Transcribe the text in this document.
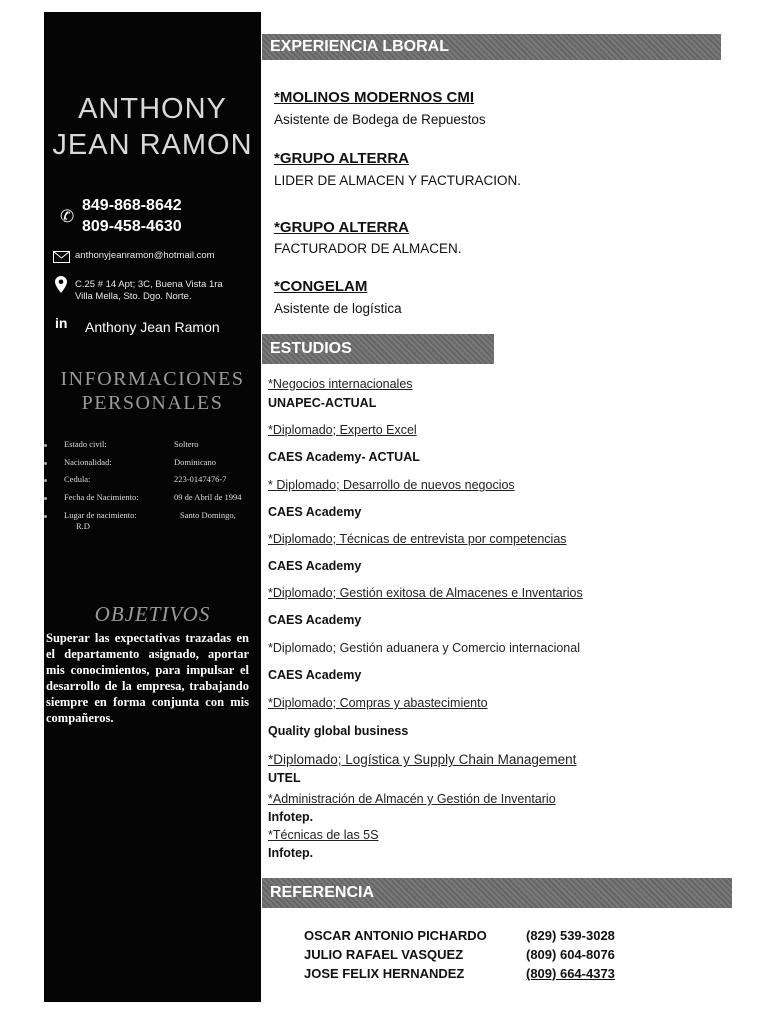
ANTHONY
JEAN RAMON
✆
849-868-8642
809-458-4630
anthonyjeanramon@hotmail.com
C.25 # 14 Apt; 3C, Buena Vista 1ra
Villa Mella, Sto. Dgo. Norte.
in Anthony Jean Ramon
INFORMACIONES
PERSONALES
Estado civil:	Soltero
Nacionalidad:	Dominicano
Cedula:	223-0147476-7
Fecha de Nacimiento:	09 de Abril de 1994
Lugar de nacimiento:	Santo Domingo,
R.D
OBJETIVOS
Superar las expectativas trazadas en el departamento asignado, aportar mis conocimientos, para impulsar el desarrollo de la empresa, trabajando siempre en forma conjunta con mis compañeros.
EXPERIENCIA LBORAL
*MOLINOS MODERNOS CMI
Asistente de Bodega de Repuestos
*GRUPO ALTERRA
LIDER DE ALMACEN Y FACTURACION.
*GRUPO ALTERRA
FACTURADOR DE ALMACEN.
*CONGELAM
Asistente de logística
ESTUDIOS
*Negocios internacionales
UNAPEC-ACTUAL
*Diplomado; Experto Excel
CAES Academy- ACTUAL
* Diplomado; Desarrollo de nuevos negocios
CAES Academy
*Diplomado; Técnicas de entrevista por competencias
CAES Academy
*Diplomado; Gestión exitosa de Almacenes e Inventarios
CAES Academy
*Diplomado; Gestión aduanera y Comercio internacional
CAES Academy
*Diplomado; Compras y abastecimiento
Quality global business
*Diplomado; Logística y Supply Chain Management
UTEL
*Administración de Almacén y Gestión de Inventario
Infotep.
*Técnicas de las 5S
Infotep.
REFERENCIA
OSCAR ANTONIO PICHARDO	(829) 539-3028
JULIO RAFAEL VASQUEZ	(809) 604-8076
JOSE FELIX HERNANDEZ	(809) 664-4373
